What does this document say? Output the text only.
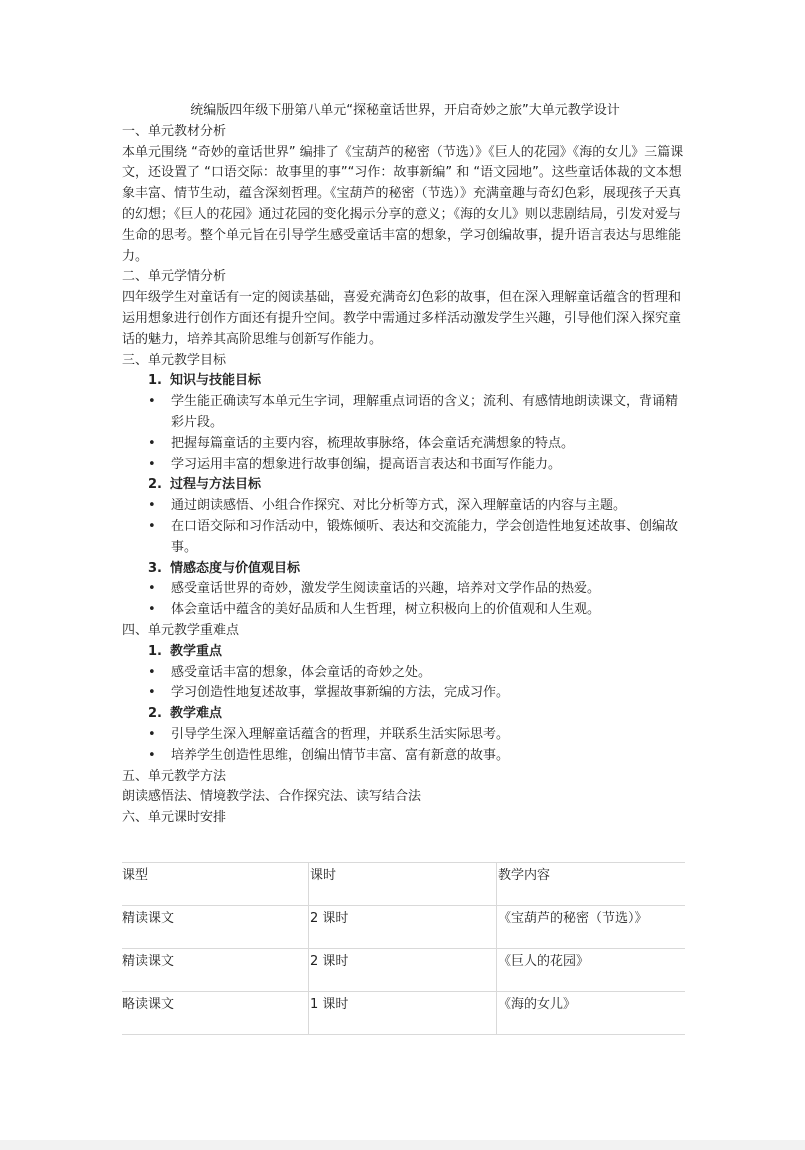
统编版四年级下册第八单元“探秘童话世界，开启奇妙之旅”大单元教学设计

一、单元教材分析

本单元围绕 “奇妙的童话世界” 编排了《宝葫芦的秘密（节选）》《巨人的花园》《海的女儿》三篇课文，还设置了 “口语交际：故事里的事”“习作：故事新编” 和 “语文园地”。这些童话体裁的文本想象丰富、情节生动，蕴含深刻哲理。《宝葫芦的秘密（节选）》充满童趣与奇幻色彩，展现孩子天真的幻想；《巨人的花园》通过花园的变化揭示分享的意义；《海的女儿》则以悲剧结局，引发对爱与生命的思考。整个单元旨在引导学生感受童话丰富的想象，学习创编故事，提升语言表达与思维能力。

二、单元学情分析

四年级学生对童话有一定的阅读基础，喜爱充满奇幻色彩的故事，但在深入理解童话蕴含的哲理和运用想象进行创作方面还有提升空间。教学中需通过多样活动激发学生兴趣，引导他们深入探究童话的魅力，培养其高阶思维与创新写作能力。

三、单元教学目标

1. 知识与技能目标

• 学生能正确读写本单元生字词，理解重点词语的含义；流利、有感情地朗读课文，背诵精彩片段。
• 把握每篇童话的主要内容，梳理故事脉络，体会童话充满想象的特点。
• 学习运用丰富的想象进行故事创编，提高语言表达和书面写作能力。

2. 过程与方法目标

• 通过朗读感悟、小组合作探究、对比分析等方式，深入理解童话的内容与主题。
• 在口语交际和习作活动中，锻炼倾听、表达和交流能力，学会创造性地复述故事、创编故事。

3. 情感态度与价值观目标

• 感受童话世界的奇妙，激发学生阅读童话的兴趣，培养对文学作品的热爱。
• 体会童话中蕴含的美好品质和人生哲理，树立积极向上的价值观和人生观。

四、单元教学重难点

1. 教学重点

• 感受童话丰富的想象，体会童话的奇妙之处。
• 学习创造性地复述故事，掌握故事新编的方法，完成习作。

2. 教学难点

• 引导学生深入理解童话蕴含的哲理，并联系生活实际思考。
• 培养学生创造性思维，创编出情节丰富、富有新意的故事。

五、单元教学方法

朗读感悟法、情境教学法、合作探究法、读写结合法

六、单元课时安排

课型	课时	教学内容
精读课文	2 课时	《宝葫芦的秘密（节选）》
精读课文	2 课时	《巨人的花园》
略读课文	1 课时	《海的女儿》
